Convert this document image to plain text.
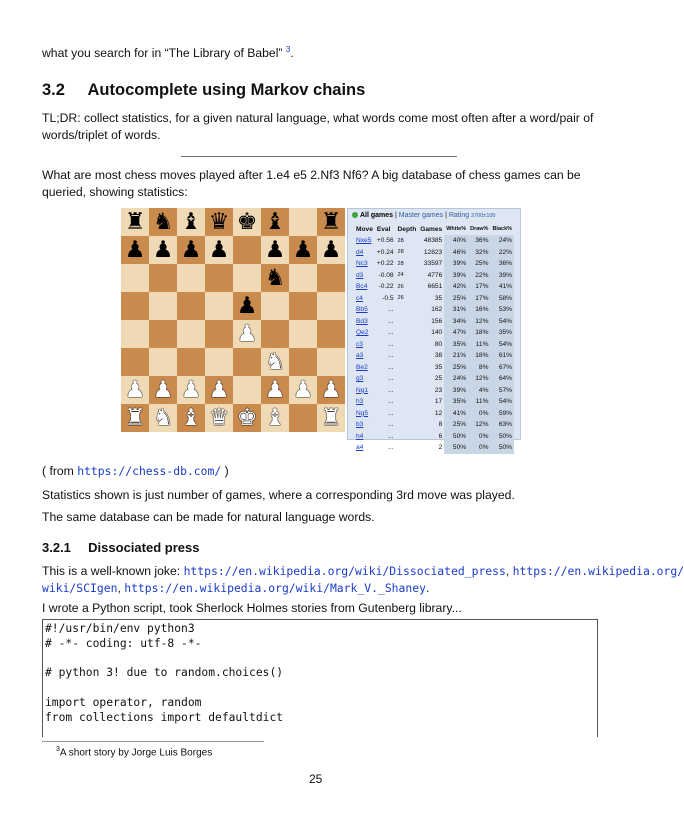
what you search for in “The Library of Babel” $^3$.
3.2 Autocomplete using Markov chains
TL;DR: collect statistics, for a given natural language, what words come most often after a word/pair of words/triplet of words.
What are most chess moves played after 1.e4 e5 2.Nf3 Nf6? A big database of chess games can be queried, showing statistics:
♜ ♞ ♝ ♛ ♚ ♝ ♜
♟ ♟ ♟ ♟ ♟ ♟ ♟
♞
♟
♟
♞
♟ ♟ ♟ ♟ ♟ ♟ ♟
♜ ♞ ♝ ♛ ♚ ♝ ♜
All games | Master games | Rating 2700±100
Move	Eval	Depth	Games	White%	Draw%	Black%
Nxe5	+0.56	28	48385	40%	36%	24%
d4	+0.24	28	12823	46%	32%	22%
Nc3	+0.22	28	33597	39%	25%	36%
d3	-0.08	24	4776	39%	22%	39%
Bc4	-0.22	26	6651	42%	17%	41%
c4	-0.5	26	35	25%	17%	58%
Bb5	...		162	31%	16%	53%
Bd3	...		156	34%	12%	54%
Qe2	...		140	47%	18%	35%
c3	...		80	35%	11%	54%
a3	...		38	21%	18%	61%
Be2	...		35	25%	8%	67%
g3	...		25	24%	12%	64%
Ng1	...		23	39%	4%	57%
h3	...		17	35%	11%	54%
Ng5	...		12	41%	0%	59%
b3	...		8	25%	12%	63%
h4	...		6	50%	0%	50%
a4	...		2	50%	0%	50%
( from https://chess-db.com/ )
Statistics shown is just number of games, where a corresponding 3rd move was played.
The same database can be made for natural language words.
3.2.1 Dissociated press
This is a well-known joke: https://en.wikipedia.org/wiki/Dissociated_press, https://en.wikipedia.org/
wiki/SCIgen, https://en.wikipedia.org/wiki/Mark_V._Shaney.
I wrote a Python script, took Sherlock Holmes stories from Gutenberg library...
#!/usr/bin/env python3
# -*- coding: utf-8 -*-

# python 3! due to random.choices()

import operator, random
from collections import defaultdict

$^3$A short story by Jorge Luis Borges
25
